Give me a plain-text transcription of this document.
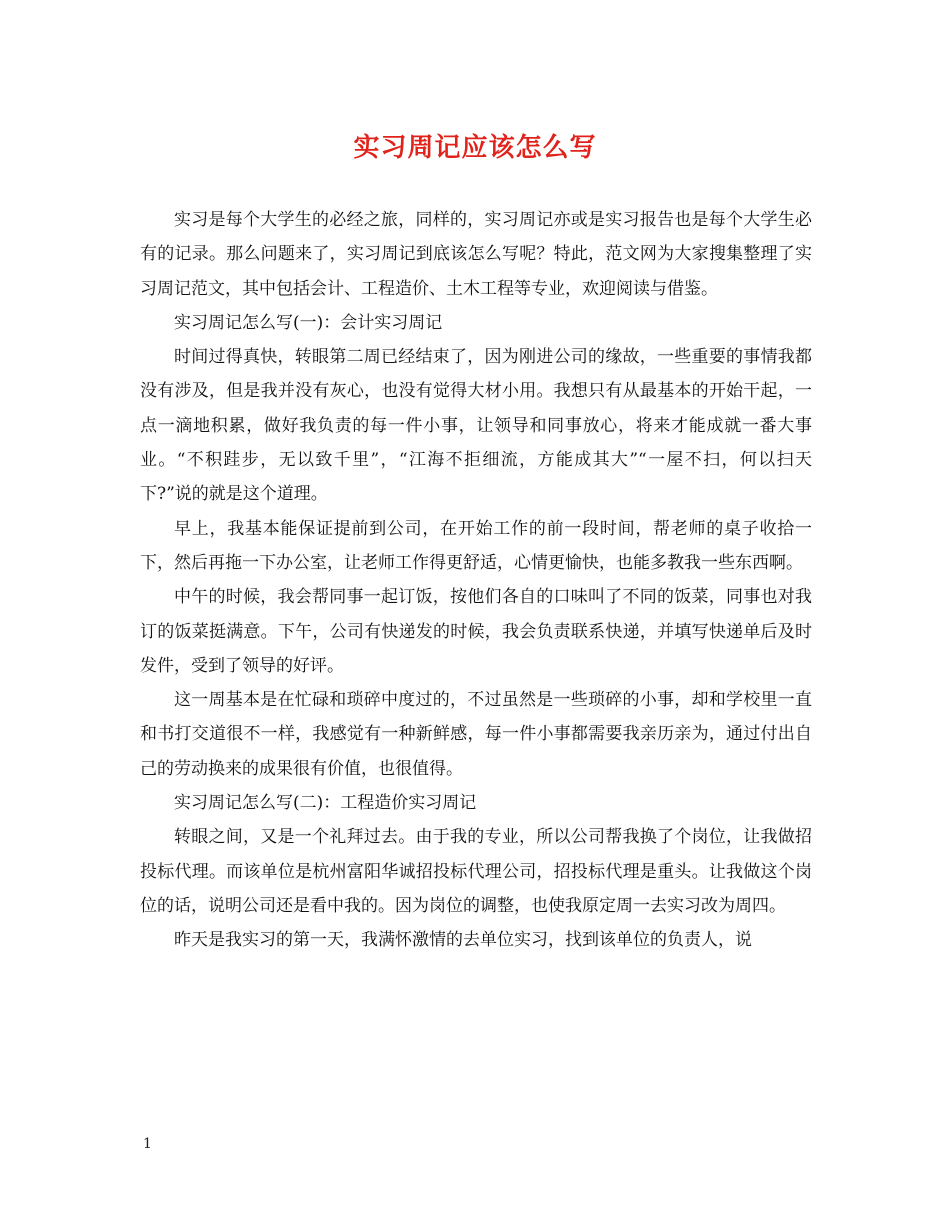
实习周记应该怎么写

实习是每个大学生的必经之旅，同样的，实习周记亦或是实习报告也是每个大学生必有的记录。那么问题来了，实习周记到底该怎么写呢？特此，范文网为大家搜集整理了实习周记范文，其中包括会计、工程造价、土木工程等专业，欢迎阅读与借鉴。

实习周记怎么写(一)：会计实习周记

时间过得真快，转眼第二周已经结束了，因为刚进公司的缘故，一些重要的事情我都没有涉及，但是我并没有灰心，也没有觉得大材小用。我想只有从最基本的开始干起，一点一滴地积累，做好我负责的每一件小事，让领导和同事放心，将来才能成就一番大事业。“不积跬步，无以致千里”，“江海不拒细流，方能成其大”“一屋不扫，何以扫天下?”说的就是这个道理。

早上，我基本能保证提前到公司，在开始工作的前一段时间，帮老师的桌子收拾一下，然后再拖一下办公室，让老师工作得更舒适，心情更愉快，也能多教我一些东西啊。

中午的时候，我会帮同事一起订饭，按他们各自的口味叫了不同的饭菜，同事也对我订的饭菜挺满意。下午，公司有快递发的时候，我会负责联系快递，并填写快递单后及时发件，受到了领导的好评。

这一周基本是在忙碌和琐碎中度过的，不过虽然是一些琐碎的小事，却和学校里一直和书打交道很不一样，我感觉有一种新鲜感，每一件小事都需要我亲历亲为，通过付出自己的劳动换来的成果很有价值，也很值得。

实习周记怎么写(二)：工程造价实习周记

转眼之间，又是一个礼拜过去。由于我的专业，所以公司帮我换了个岗位，让我做招投标代理。而该单位是杭州富阳华诚招投标代理公司，招投标代理是重头。让我做这个岗位的话，说明公司还是看中我的。因为岗位的调整，也使我原定周一去实习改为周四。

昨天是我实习的第一天，我满怀激情的去单位实习，找到该单位的负责人，说

1
